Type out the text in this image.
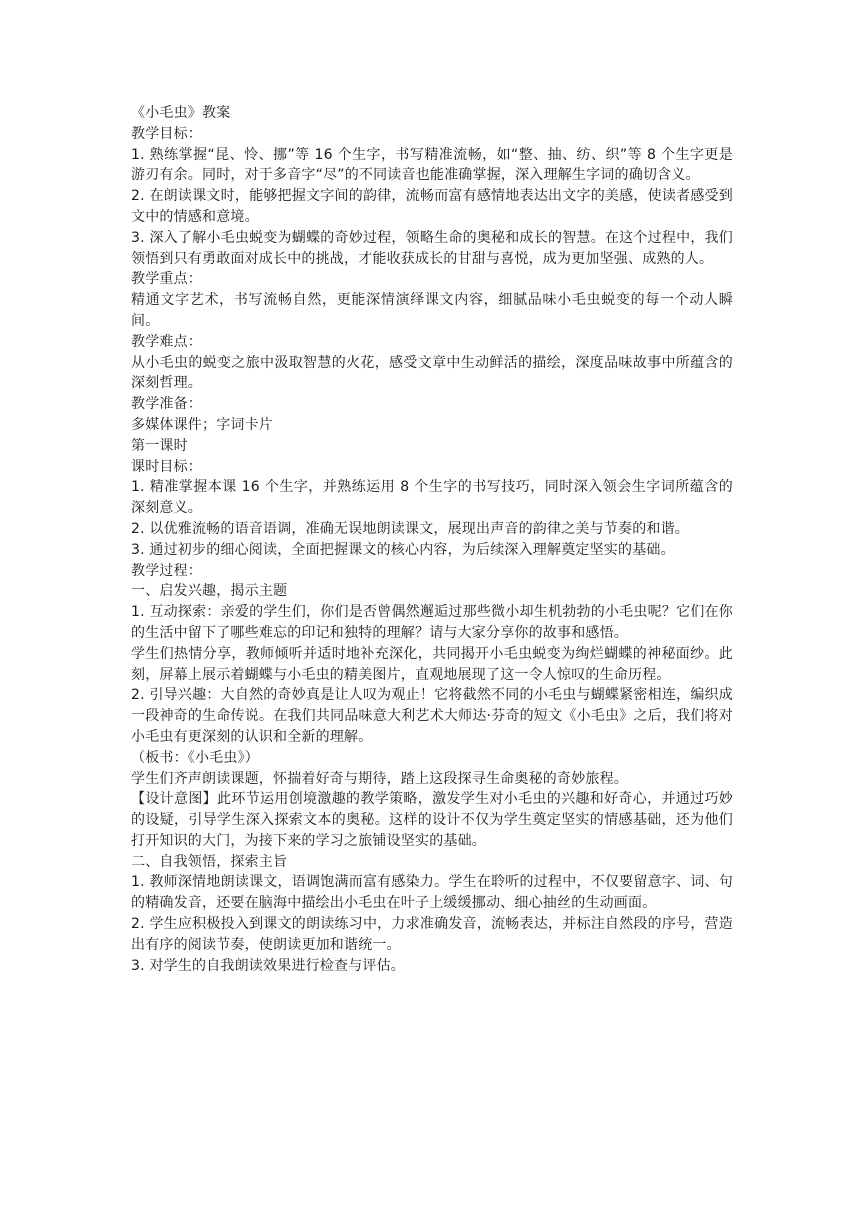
《小毛虫》教案

教学目标：

1. 熟练掌握“昆、怜、挪”等 16 个生字，书写精准流畅，如“整、抽、纺、织”等 8 个生字更是游刃有余。同时，对于多音字“尽”的不同读音也能准确掌握，深入理解生字词的确切含义。

2. 在朗读课文时，能够把握文字间的韵律，流畅而富有感情地表达出文字的美感，使读者感受到文中的情感和意境。

3. 深入了解小毛虫蜕变为蝴蝶的奇妙过程，领略生命的奥秘和成长的智慧。在这个过程中，我们领悟到只有勇敢面对成长中的挑战，才能收获成长的甘甜与喜悦，成为更加坚强、成熟的人。

教学重点：

精通文字艺术，书写流畅自然，更能深情演绎课文内容，细腻品味小毛虫蜕变的每一个动人瞬间。

教学难点：

从小毛虫的蜕变之旅中汲取智慧的火花，感受文章中生动鲜活的描绘，深度品味故事中所蕴含的深刻哲理。

教学准备：

多媒体课件；字词卡片

第一课时

课时目标：

1. 精准掌握本课 16 个生字，并熟练运用 8 个生字的书写技巧，同时深入领会生字词所蕴含的深刻意义。

2. 以优雅流畅的语音语调，准确无误地朗读课文，展现出声音的韵律之美与节奏的和谐。

3. 通过初步的细心阅读，全面把握课文的核心内容，为后续深入理解奠定坚实的基础。

教学过程：

一、启发兴趣，揭示主题

1. 互动探索：亲爱的学生们，你们是否曾偶然邂逅过那些微小却生机勃勃的小毛虫呢？它们在你的生活中留下了哪些难忘的印记和独特的理解？请与大家分享你的故事和感悟。

学生们热情分享，教师倾听并适时地补充深化，共同揭开小毛虫蜕变为绚烂蝴蝶的神秘面纱。此刻，屏幕上展示着蝴蝶与小毛虫的精美图片，直观地展现了这一令人惊叹的生命历程。

2. 引导兴趣：大自然的奇妙真是让人叹为观止！它将截然不同的小毛虫与蝴蝶紧密相连，编织成一段神奇的生命传说。在我们共同品味意大利艺术大师达·芬奇的短文《小毛虫》之后，我们将对小毛虫有更深刻的认识和全新的理解。

（板书：《小毛虫》）

学生们齐声朗读课题，怀揣着好奇与期待，踏上这段探寻生命奥秘的奇妙旅程。

【设计意图】此环节运用创境激趣的教学策略，激发学生对小毛虫的兴趣和好奇心，并通过巧妙的设疑，引导学生深入探索文本的奥秘。这样的设计不仅为学生奠定坚实的情感基础，还为他们打开知识的大门，为接下来的学习之旅铺设坚实的基础。

二、自我领悟，探索主旨

1. 教师深情地朗读课文，语调饱满而富有感染力。学生在聆听的过程中，不仅要留意字、词、句的精确发音，还要在脑海中描绘出小毛虫在叶子上缓缓挪动、细心抽丝的生动画面。

2. 学生应积极投入到课文的朗读练习中，力求准确发音，流畅表达，并标注自然段的序号，营造出有序的阅读节奏，使朗读更加和谐统一。

3. 对学生的自我朗读效果进行检查与评估。
